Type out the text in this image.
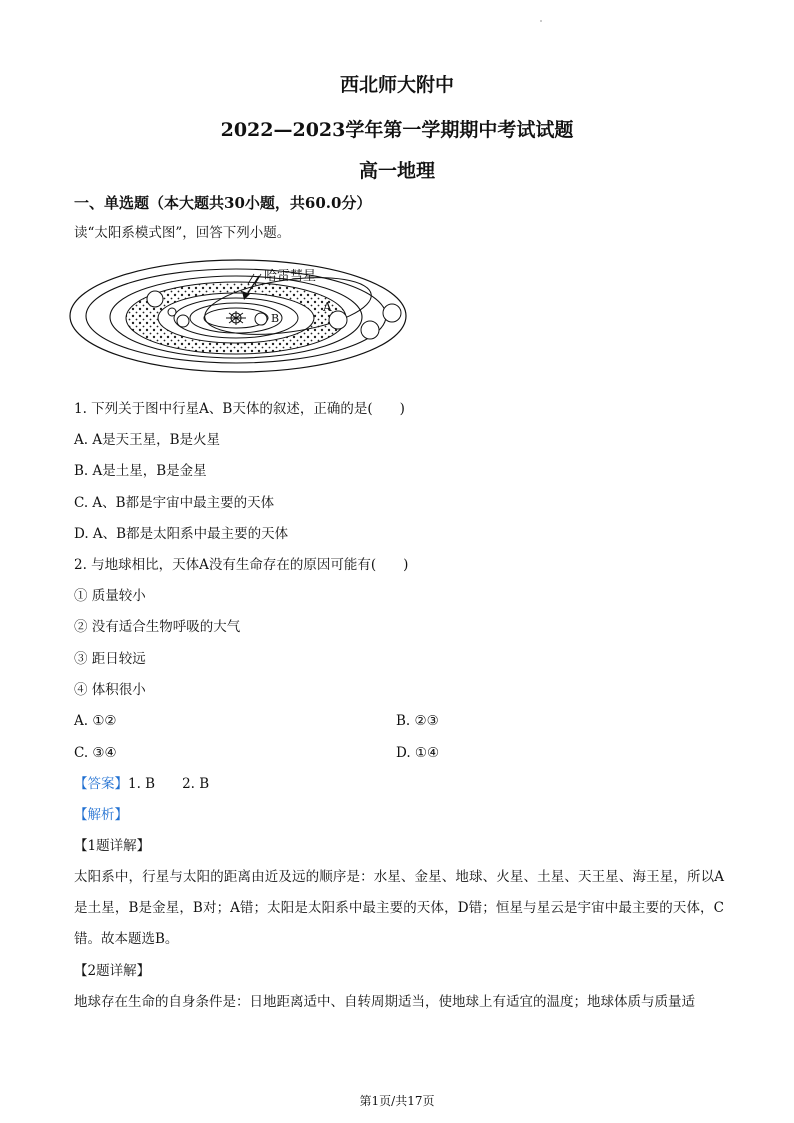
西北师大附中
2022—2023学年第一学期期中考试试题
高一地理
一、单选题（本大题共30小题，共60.0分）
读“太阳系模式图”，回答下列小题。
哈雷彗星
A
B
1. 下列关于图中行星A、B天体的叙述，正确的是(　　)
A. A是天王星，B是火星
B. A是土星，B是金星
C. A、B都是宇宙中最主要的天体
D. A、B都是太阳系中最主要的天体
2. 与地球相比，天体A没有生命存在的原因可能有(　　)
① 质量较小
② 没有适合生物呼吸的大气
③ 距日较远
④ 体积很小
A. ①②	B. ②③
C. ③④	D. ①④
【答案】1. B　　2. B
【解析】
【1题详解】
太阳系中，行星与太阳的距离由近及远的顺序是：水星、金星、地球、火星、土星、天王星、海王星，所以A是土星，B是金星，B对；A错；太阳是太阳系中最主要的天体，D错；恒星与星云是宇宙中最主要的天体，C错。故本题选B。
【2题详解】
地球存在生命的自身条件是：日地距离适中、自转周期适当，使地球上有适宜的温度；地球体质与质量适
第1页/共17页
